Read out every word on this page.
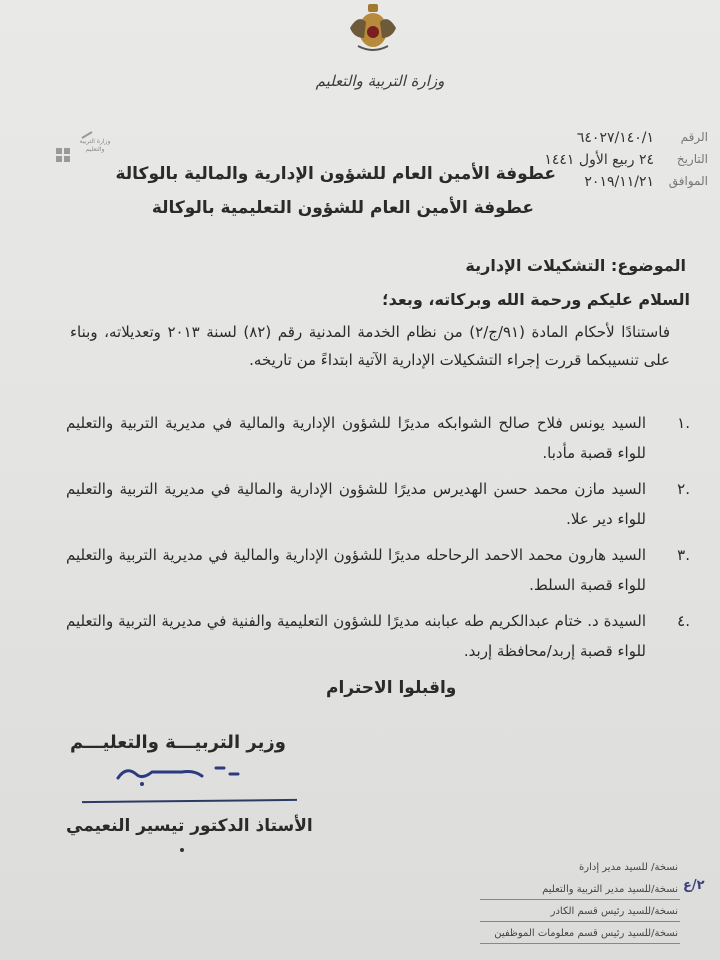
وزارة التربية والتعليم
وزارة التربية والتعليم
الرقم
٦٤٠٢٧/١٤٠/١
التاريخ
٢٤ ربيع الأول ١٤٤١
الموافق
٢٠١٩/١١/٢١
عطوفة الأمين العام للشؤون الإدارية والمالية بالوكالة
عطوفة الأمين العام للشؤون التعليمية بالوكالة
الموضوع: التشكيلات الإدارية
السلام عليكم ورحمة الله وبركاته، وبعد؛
فاستنادًا لأحكام المادة (٩١/ج/٢) من نظام الخدمة المدنية رقم (٨٢) لسنة ٢٠١٣ وتعديلاته، وبناء على تنسيبكما قررت إجراء التشكيلات الإدارية الآتية ابتداءً من تاريخه.
.١
السيد يونس فلاح صالح الشوابكه مديرًا للشؤون الإدارية والمالية في مديرية التربية والتعليم للواء قصبة مأدبا.
.٢
السيد مازن محمد حسن الهديرس مديرًا للشؤون الإدارية والمالية في مديرية التربية والتعليم للواء دير علا.
.٣
السيد هارون محمد الاحمد الرحاحله مديرًا للشؤون الإدارية والمالية في مديرية التربية والتعليم للواء قصبة السلط.
.٤
السيدة د. ختام عبدالكريم طه عبابنه مديرًا للشؤون التعليمية والفنية في مديرية التربية والتعليم للواء قصبة إربد/محافظة إربد.
واقبلوا الاحترام
وزير التربيـــة والتعليـــم
الأستاذ الدكتور تيسير النعيمي
نسخة/ للسيد مدير إدارة
نسخة/للسيد مدير التربية والتعليم
نسخة/للسيد رئيس قسم الكادر
نسخة/للسيد رئيس قسم معلومات الموظفين
٢/ع
